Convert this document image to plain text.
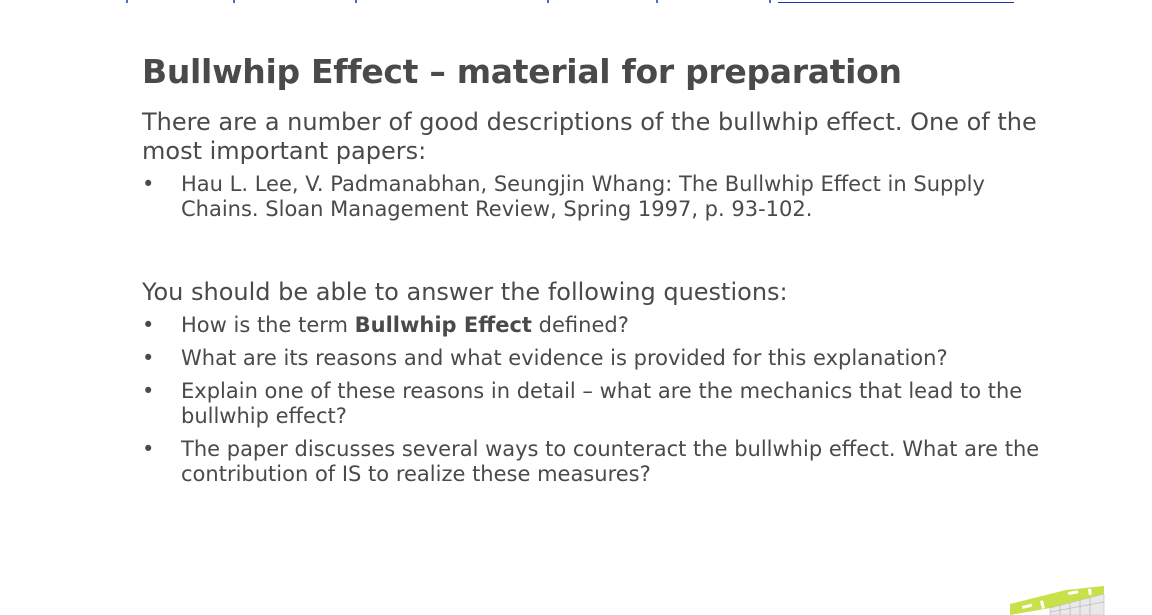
Bullwhip Effect – material for preparation

There are a number of good descriptions of the bullwhip effect. One of the most important papers:

• Hau L. Lee, V. Padmanabhan, Seungjin Whang: The Bullwhip Effect in Supply Chains. Sloan Management Review, Spring 1997, p. 93-102.

You should be able to answer the following questions:

• How is the term Bullwhip Effect defined?
• What are its reasons and what evidence is provided for this explanation?
• Explain one of these reasons in detail – what are the mechanics that lead to the bullwhip effect?
• The paper discusses several ways to counteract the bullwhip effect. What are the contribution of IS to realize these measures?
